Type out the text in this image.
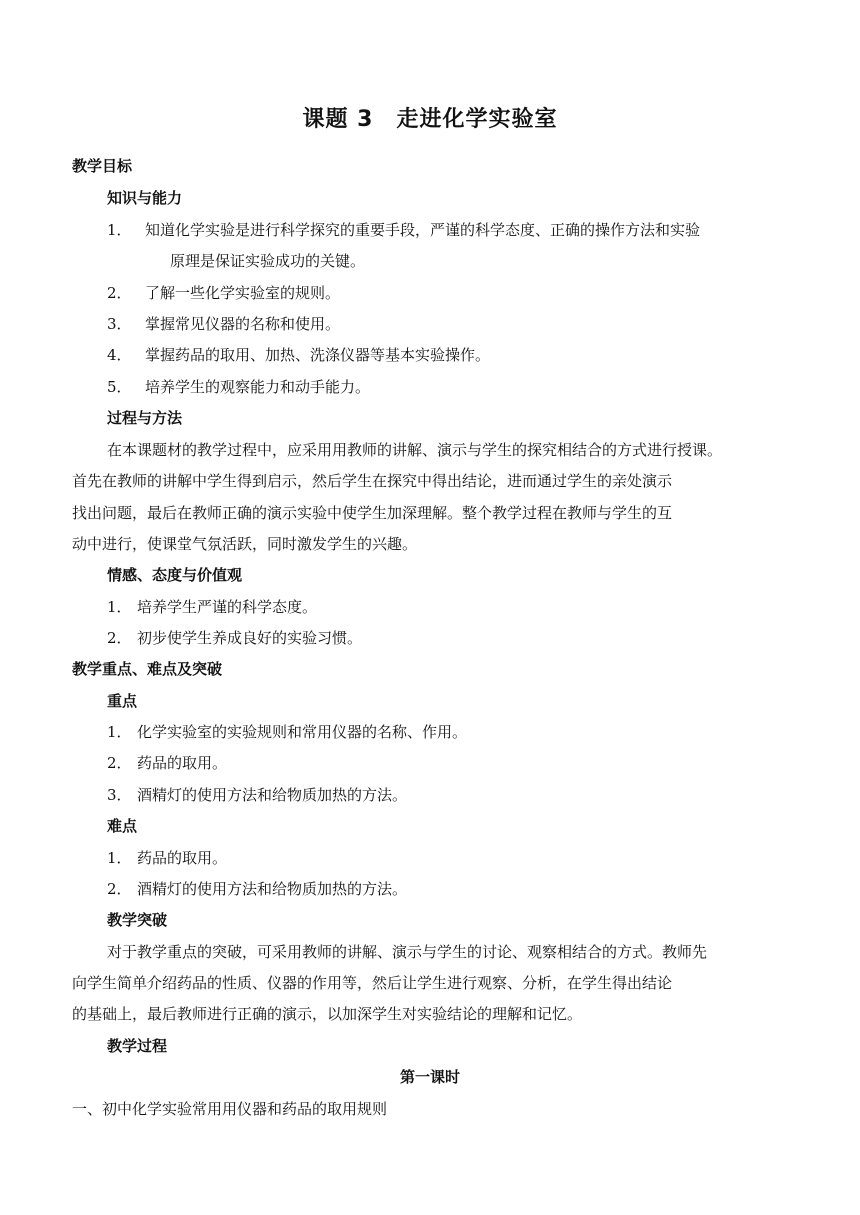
课题 3　走进化学实验室
教学目标
知识与能力
1． 知道化学实验是进行科学探究的重要手段，严谨的科学态度、正确的操作方法和实验
原理是保证实验成功的关键。
2． 了解一些化学实验室的规则。
3． 掌握常见仪器的名称和使用。
4． 掌握药品的取用、加热、洗涤仪器等基本实验操作。
5． 培养学生的观察能力和动手能力。
过程与方法
在本课题材的教学过程中，应采用用教师的讲解、演示与学生的探究相结合的方式进行授课。
首先在教师的讲解中学生得到启示，然后学生在探究中得出结论，进而通过学生的亲处演示
找出问题，最后在教师正确的演示实验中使学生加深理解。整个教学过程在教师与学生的互
动中进行，使课堂气氛活跃，同时激发学生的兴趣。
情感、态度与价值观
1． 培养学生严谨的科学态度。
2． 初步使学生养成良好的实验习惯。
教学重点、难点及突破
重点
1． 化学实验室的实验规则和常用仪器的名称、作用。
2． 药品的取用。
3． 酒精灯的使用方法和给物质加热的方法。
难点
1． 药品的取用。
2． 酒精灯的使用方法和给物质加热的方法。
教学突破
对于教学重点的突破，可采用教师的讲解、演示与学生的讨论、观察相结合的方式。教师先
向学生简单介绍药品的性质、仪器的作用等，然后让学生进行观察、分析，在学生得出结论
的基础上，最后教师进行正确的演示，以加深学生对实验结论的理解和记忆。
教学过程
第一课时
一、初中化学实验常用用仪器和药品的取用规则
